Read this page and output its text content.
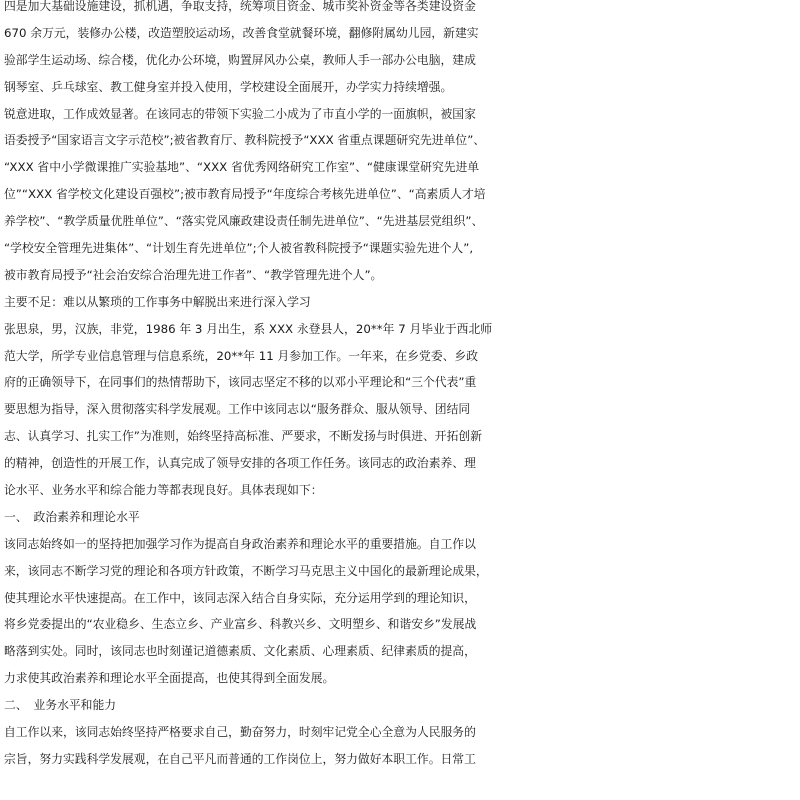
四是加大基础设施建设，抓机遇，争取支持，统筹项目资金、城市奖补资金等各类建设资金
670 余万元，装修办公楼，改造塑胶运动场，改善食堂就餐环境，翻修附属幼儿园，新建实
验部学生运动场、综合楼，优化办公环境，购置屏风办公桌，教师人手一部办公电脑，建成
钢琴室、乒乓球室、教工健身室并投入使用，学校建设全面展开，办学实力持续增强。
锐意进取，工作成效显著。在该同志的带领下实验二小成为了市直小学的一面旗帜，被国家
语委授予“国家语言文字示范校”;被省教育厅、教科院授予“XXX 省重点课题研究先进单位”、
“XXX 省中小学微课推广实验基地”、“XXX 省优秀网络研究工作室”、“健康课堂研究先进单
位”“XXX 省学校文化建设百强校”;被市教育局授予“年度综合考核先进单位”、“高素质人才培
养学校”、“教学质量优胜单位”、“落实党风廉政建设责任制先进单位”、“先进基层党组织”、
“学校安全管理先进集体”、“计划生育先进单位”;个人被省教科院授予“课题实验先进个人”,
被市教育局授予“社会治安综合治理先进工作者”、“教学管理先进个人”。
主要不足：难以从繁琐的工作事务中解脱出来进行深入学习
张思泉，男，汉族，非党，1986 年 3 月出生，系 XXX 永登县人，20**年 7 月毕业于西北师
范大学，所学专业信息管理与信息系统，20**年 11 月参加工作。一年来，在乡党委、乡政
府的正确领导下，在同事们的热情帮助下，该同志坚定不移的以邓小平理论和“三个代表”重
要思想为指导，深入贯彻落实科学发展观。工作中该同志以“服务群众、服从领导、团结同
志、认真学习、扎实工作”为准则，始终坚持高标准、严要求，不断发扬与时俱进、开拓创新
的精神，创造性的开展工作，认真完成了领导安排的各项工作任务。该同志的政治素养、理
论水平、业务水平和综合能力等都表现良好。具体表现如下：
一、　政治素养和理论水平
该同志始终如一的坚持把加强学习作为提高自身政治素养和理论水平的重要措施。自工作以
来，该同志不断学习党的理论和各项方针政策，不断学习马克思主义中国化的最新理论成果，
使其理论水平快速提高。在工作中，该同志深入结合自身实际，充分运用学到的理论知识，
将乡党委提出的“农业稳乡、生态立乡、产业富乡、科教兴乡、文明塑乡、和谐安乡”发展战
略落到实处。同时，该同志也时刻谨记道德素质、文化素质、心理素质、纪律素质的提高，
力求使其政治素养和理论水平全面提高，也使其得到全面发展。
二、　业务水平和能力
自工作以来，该同志始终坚持严格要求自己，勤奋努力，时刻牢记党全心全意为人民服务的
宗旨，努力实践科学发展观，在自己平凡而普通的工作岗位上，努力做好本职工作。日常工
